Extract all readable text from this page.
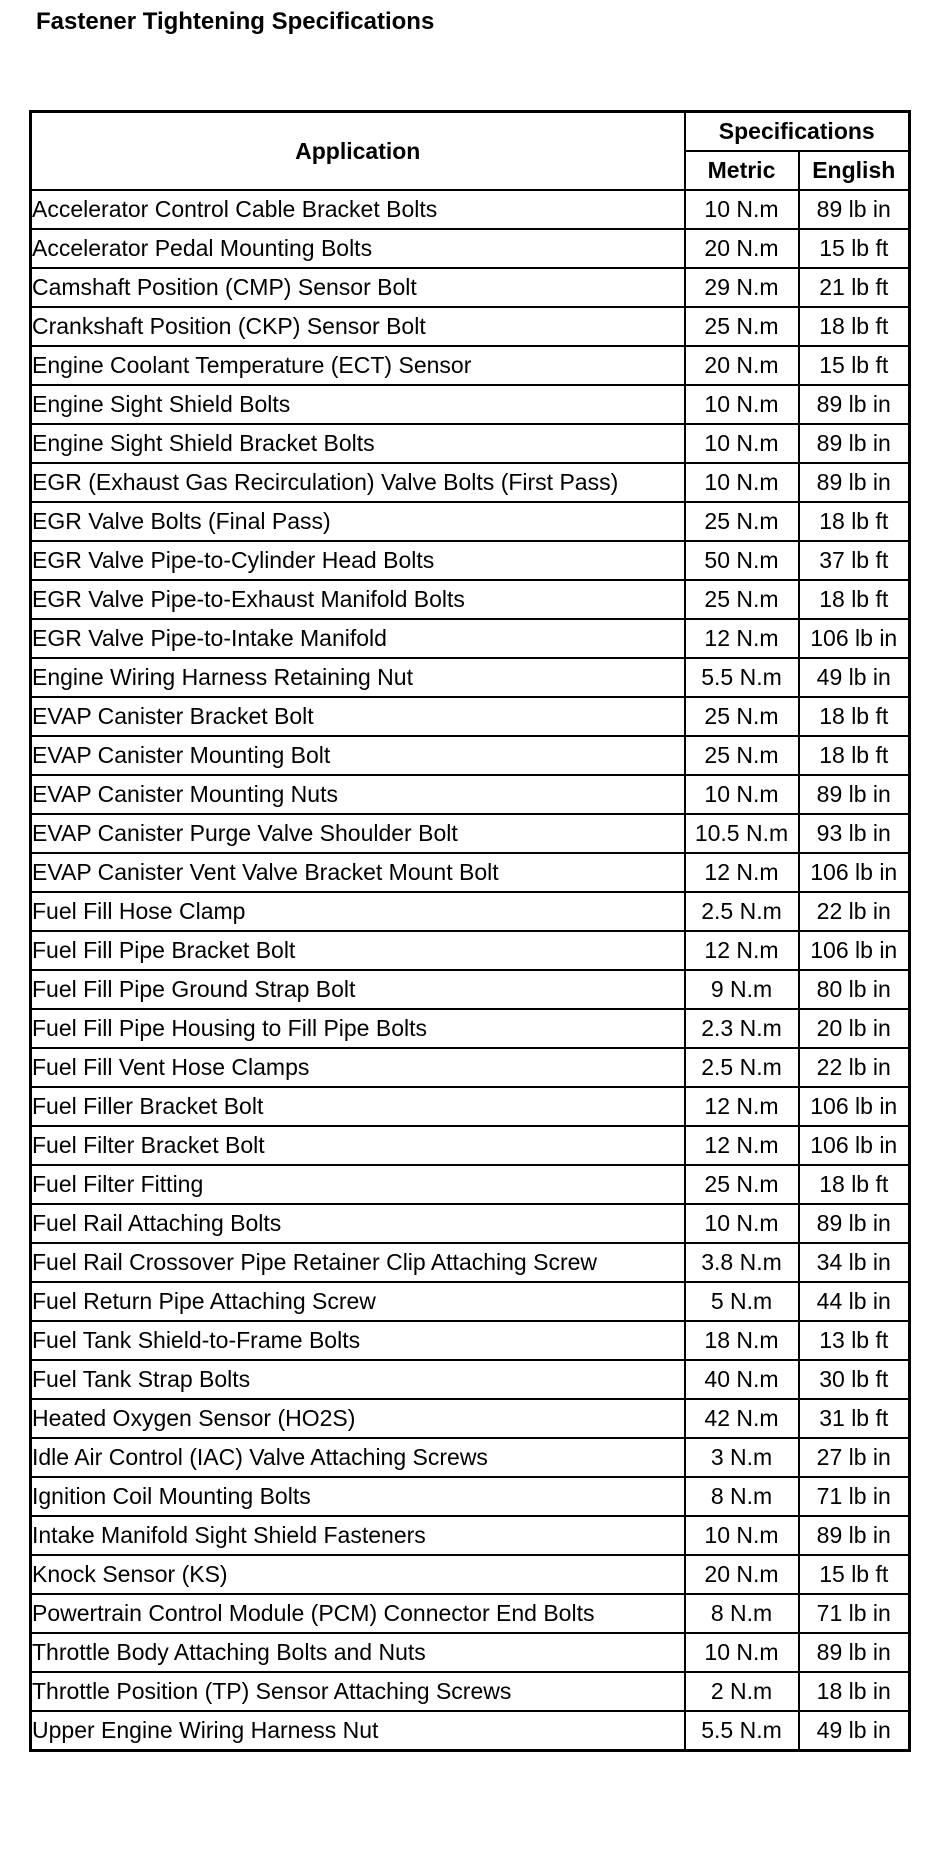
Fastener Tightening Specifications
Application	Specifications	
	Metric	English
Accelerator Control Cable Bracket Bolts	10 N.m	89 lb in
Accelerator Pedal Mounting Bolts	20 N.m	15 lb ft
Camshaft Position (CMP) Sensor Bolt	29 N.m	21 lb ft
Crankshaft Position (CKP) Sensor Bolt	25 N.m	18 lb ft
Engine Coolant Temperature (ECT) Sensor	20 N.m	15 lb ft
Engine Sight Shield Bolts	10 N.m	89 lb in
Engine Sight Shield Bracket Bolts	10 N.m	89 lb in
EGR (Exhaust Gas Recirculation) Valve Bolts (First Pass)	10 N.m	89 lb in
EGR Valve Bolts (Final Pass)	25 N.m	18 lb ft
EGR Valve Pipe-to-Cylinder Head Bolts	50 N.m	37 lb ft
EGR Valve Pipe-to-Exhaust Manifold Bolts	25 N.m	18 lb ft
EGR Valve Pipe-to-Intake Manifold	12 N.m	106 lb in
Engine Wiring Harness Retaining Nut	5.5 N.m	49 lb in
EVAP Canister Bracket Bolt	25 N.m	18 lb ft
EVAP Canister Mounting Bolt	25 N.m	18 lb ft
EVAP Canister Mounting Nuts	10 N.m	89 lb in
EVAP Canister Purge Valve Shoulder Bolt	10.5 N.m	93 lb in
EVAP Canister Vent Valve Bracket Mount Bolt	12 N.m	106 lb in
Fuel Fill Hose Clamp	2.5 N.m	22 lb in
Fuel Fill Pipe Bracket Bolt	12 N.m	106 lb in
Fuel Fill Pipe Ground Strap Bolt	9 N.m	80 lb in
Fuel Fill Pipe Housing to Fill Pipe Bolts	2.3 N.m	20 lb in
Fuel Fill Vent Hose Clamps	2.5 N.m	22 lb in
Fuel Filler Bracket Bolt	12 N.m	106 lb in
Fuel Filter Bracket Bolt	12 N.m	106 lb in
Fuel Filter Fitting	25 N.m	18 lb ft
Fuel Rail Attaching Bolts	10 N.m	89 lb in
Fuel Rail Crossover Pipe Retainer Clip Attaching Screw	3.8 N.m	34 lb in
Fuel Return Pipe Attaching Screw	5 N.m	44 lb in
Fuel Tank Shield-to-Frame Bolts	18 N.m	13 lb ft
Fuel Tank Strap Bolts	40 N.m	30 lb ft
Heated Oxygen Sensor (HO2S)	42 N.m	31 lb ft
Idle Air Control (IAC) Valve Attaching Screws	3 N.m	27 lb in
Ignition Coil Mounting Bolts	8 N.m	71 lb in
Intake Manifold Sight Shield Fasteners	10 N.m	89 lb in
Knock Sensor (KS)	20 N.m	15 lb ft
Powertrain Control Module (PCM) Connector End Bolts	8 N.m	71 lb in
Throttle Body Attaching Bolts and Nuts	10 N.m	89 lb in
Throttle Position (TP) Sensor Attaching Screws	2 N.m	18 lb in
Upper Engine Wiring Harness Nut	5.5 N.m	49 lb in
